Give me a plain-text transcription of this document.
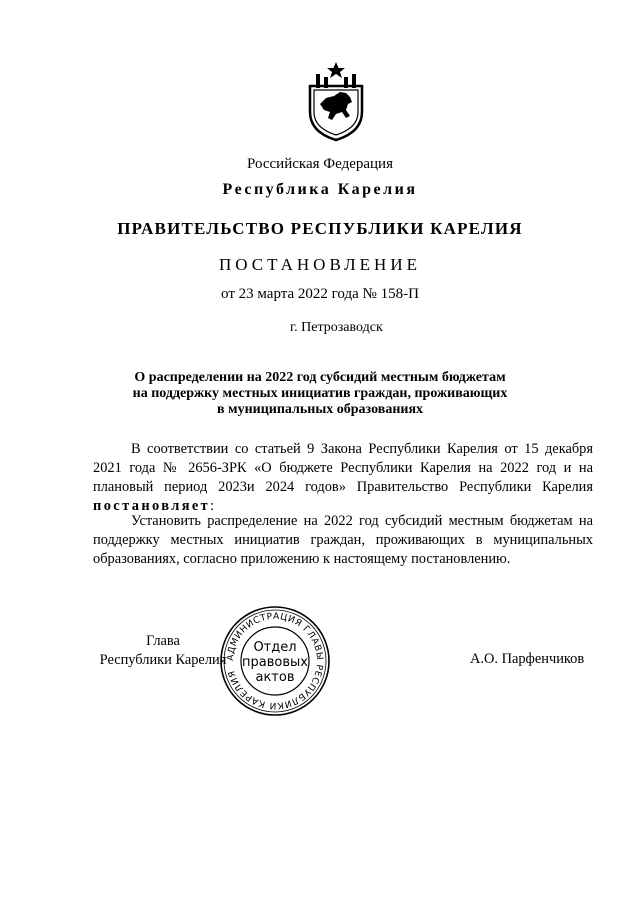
Российская Федерация
Республика Карелия
ПРАВИТЕЛЬСТВО РЕСПУБЛИКИ КАРЕЛИЯ
ПОСТАНОВЛЕНИЕ
от 23 марта 2022 года № 158-П
г. Петрозаводск
О распределении на 2022 год субсидий местным бюджетам
на поддержку местных инициатив граждан, проживающих
в муниципальных образованиях
В соответствии со статьей 9 Закона Республики Карелия от 15 декабря 2021 года № 2656-ЗРК «О бюджете Республики Карелия на 2022 год и на плановый период 2023и 2024 годов» Правительство Республики Карелия постановляет:
Установить распределение на 2022 год субсидий местным бюджетам на поддержку местных инициатив граждан, проживающих в муниципальных образованиях, согласно приложению к настоящему постановлению.
Глава
Республики Карелия	А.О. Парфенчиков
АДМИНИСТРАЦИЯ ГЛАВЫ РЕСПУБЛИКИ КАРЕЛИЯ
Отдел
правовых
актов
